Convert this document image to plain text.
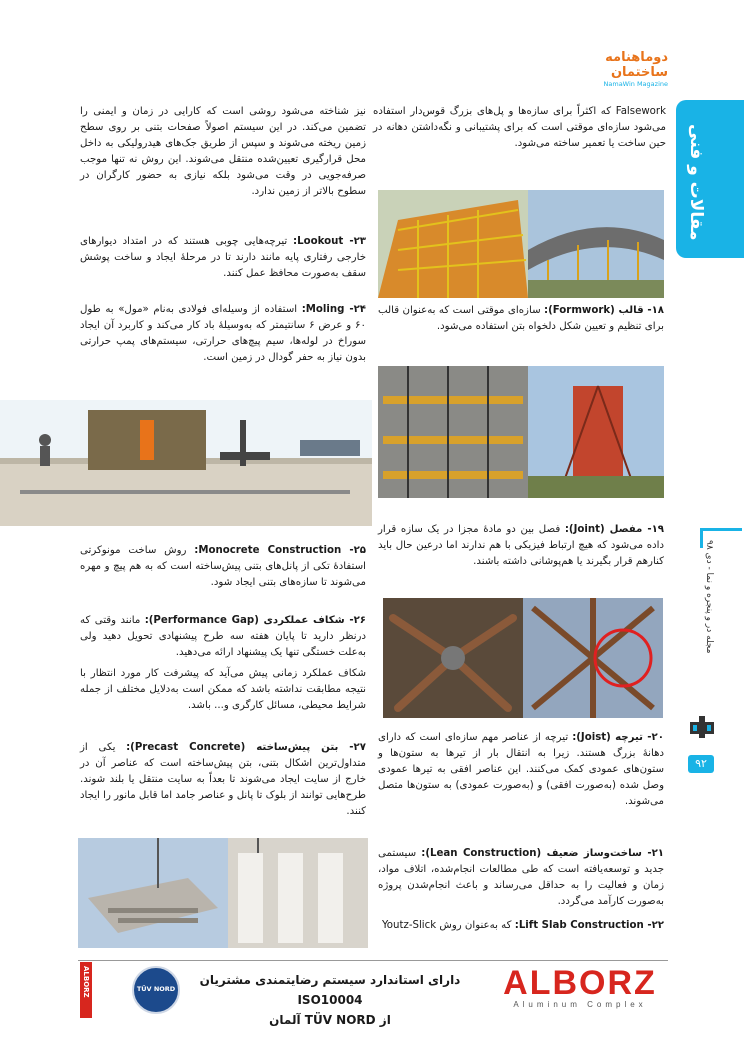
دوماهنامه ساختمان
NamaWin Magazine
مقالات و فنی
مجله در و پنجره و نما - دی ۹۸
۹۲
Falsework که اکثراً برای سازه‌ها و پل‌های بزرگ قوس‌دار استفاده می‌شود سازه‌ای موقتی است که برای پشتیبانی و نگه‌داشتن دهانه در حین ساخت یا تعمیر ساخته می‌شود.
۱۸- قالب (Formwork): سازه‌ای موقتی است که به‌عنوان قالب برای تنظیم و تعیین شکل دلخواه بتن استفاده می‌شود.
۱۹- مفصل (Joint): فصل بین دو مادهٔ مجزا در یک سازه قرار داده می‌شود که هیچ ارتباط فیزیکی با هم ندارند اما درعین حال باید کنارهم قرار بگیرند یا هم‌پوشانی داشته باشند.
۲۰- تیرچه (Joist): تیرچه از عناصر مهم سازه‌ای است که دارای دهانهٔ بزرگ هستند. زیرا به انتقال بار از تیرها به ستون‌ها و ستون‌های عمودی کمک می‌کنند. این عناصر افقی به تیرها عمودی وصل شده (به‌صورت افقی) و (به‌صورت عمودی) به ستون‌ها متصل می‌شوند.
۲۱- ساخت‌وساز ضعیف (Lean Construction): سیستمی جدید و توسعه‌یافته است که طی مطالعات انجام‌شده، اتلاف مواد، زمان و فعالیت را به حداقل می‌رساند و باعث انجام‌شدن پروژه به‌صورت کارآمد می‌گردد.
۲۲- Lift Slab Construction: که به‌عنوان روش Youtz-Slick
نیز شناخته می‌شود روشی است که کارایی در زمان و ایمنی را تضمین می‌کند. در این سیستم اصولاً صفحات بتنی بر روی سطح زمین ریخته می‌شوند و سپس از طریق جک‌های هیدرولیکی به داخل محل قرارگیری تعیین‌شده منتقل می‌شوند. این روش نه تنها موجب صرفه‌جویی در وقت می‌شود بلکه نیازی به حضور کارگران در سطوح بالاتر از زمین ندارد.
۲۳- Lookout: تیرچه‌هایی چوبی هستند که در امتداد دیوارهای خارجی رفتاری پایه مانند دارند تا در مرحلهٔ ایجاد و ساخت پوشش سقف به‌صورت محافظ عمل کنند.
۲۴- Moling: استفاده از وسیله‌ای فولادی به‌نام «مول» به طول ۶۰ و عرض ۶ سانتیمتر که به‌وسیلهٔ باد کار می‌کند و کاربرد آن ایجاد سوراخ در لوله‌ها، سیم پیچ‌های حرارتی، سیستم‌های پمپ حرارتی بدون نیاز به حفر گودال در زمین است.
۲۵- Monocrete Construction: روش ساخت مونوکرتی استفادهٔ تکی از پانل‌های بتنی پیش‌ساخته است که به هم پیچ و مهره می‌شوند تا سازه‌های بتنی ایجاد شود.
۲۶- شکاف عملکردی (Performance Gap): مانند وقتی که درنظر دارید تا پایان هفته سه طرح پیشنهادی تحویل دهید ولی به‌علت خستگی تنها یک پیشنهاد ارائه می‌دهید.
شکاف عملکرد زمانی پیش می‌آید که پیشرفت کار مورد انتظار با نتیجه مطابقت نداشته باشد که ممکن است به‌دلایل مختلف از جمله شرایط محیطی، مسائل کارگری و... باشد.
۲۷- بتن پیش‌ساخته (Precast Concrete): یکی از متداول‌ترین اشکال بتنی، بتن پیش‌ساخته است که عناصر آن در خارج از سایت ایجاد می‌شوند تا بعداً به سایت منتقل یا بلند شوند. طرح‌هایی توانند از بلوک تا پانل و عناصر جامد اما قابل مانور را ایجاد کنند.
ALBORZ
Aluminum Complex
دارای استاندارد سیستم رضایتمندی مشتریان ISO10004
از TÜV NORD آلمان
TÜV NORD
ALBORZ
